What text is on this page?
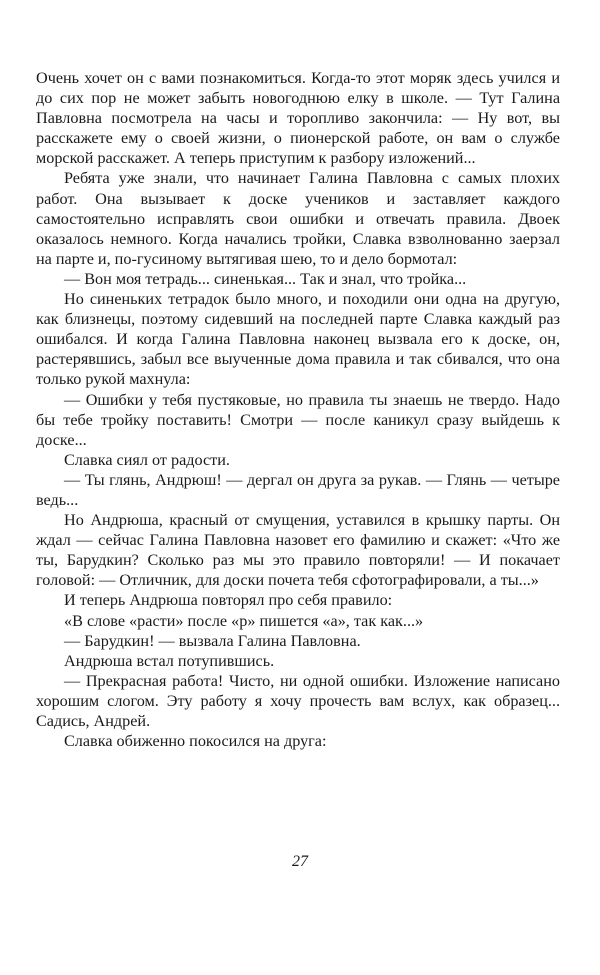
Очень хочет он с вами познакомиться. Когда-то этот моряк здесь учился и до сих пор не может забыть новогоднюю елку в школе. — Тут Галина Павловна посмотрела на часы и торопливо закончила: — Ну вот, вы расскажете ему о своей жизни, о пионерской работе, он вам о службе морской расскажет. А теперь приступим к разбору изложений...

Ребята уже знали, что начинает Галина Павловна с самых плохих работ. Она вызывает к доске учеников и заставляет каждого самостоятельно исправлять свои ошибки и отвечать правила. Двоек оказалось немного. Когда начались тройки, Славка взволнованно заерзал на парте и, по-гусиному вытягивая шею, то и дело бормотал:

— Вон моя тетрадь... синенькая... Так и знал, что тройка...

Но синеньких тетрадок было много, и походили они одна на другую, как близнецы, поэтому сидевший на последней парте Славка каждый раз ошибался. И когда Галина Павловна наконец вызвала его к доске, он, растерявшись, забыл все выученные дома правила и так сбивался, что она только рукой махнула:

— Ошибки у тебя пустяковые, но правила ты знаешь не твердо. Надо бы тебе тройку поставить! Смотри — после каникул сразу выйдешь к доске...

Славка сиял от радости.

— Ты глянь, Андрюш! — дергал он друга за рукав. — Глянь — четыре ведь...

Но Андрюша, красный от смущения, уставился в крышку парты. Он ждал — сейчас Галина Павловна назовет его фамилию и скажет: «Что же ты, Барудкин? Сколько раз мы это правило повторяли! — И покачает головой: — Отличник, для доски почета тебя сфотографировали, а ты...»

И теперь Андрюша повторял про себя правило:

«В слове «расти» после «р» пишется «а», так как...»

— Барудкин! — вызвала Галина Павловна.

Андрюша встал потупившись.

— Прекрасная работа! Чисто, ни одной ошибки. Изложение написано хорошим слогом. Эту работу я хочу прочесть вам вслух, как образец... Садись, Андрей.

Славка обиженно покосился на друга:

27
